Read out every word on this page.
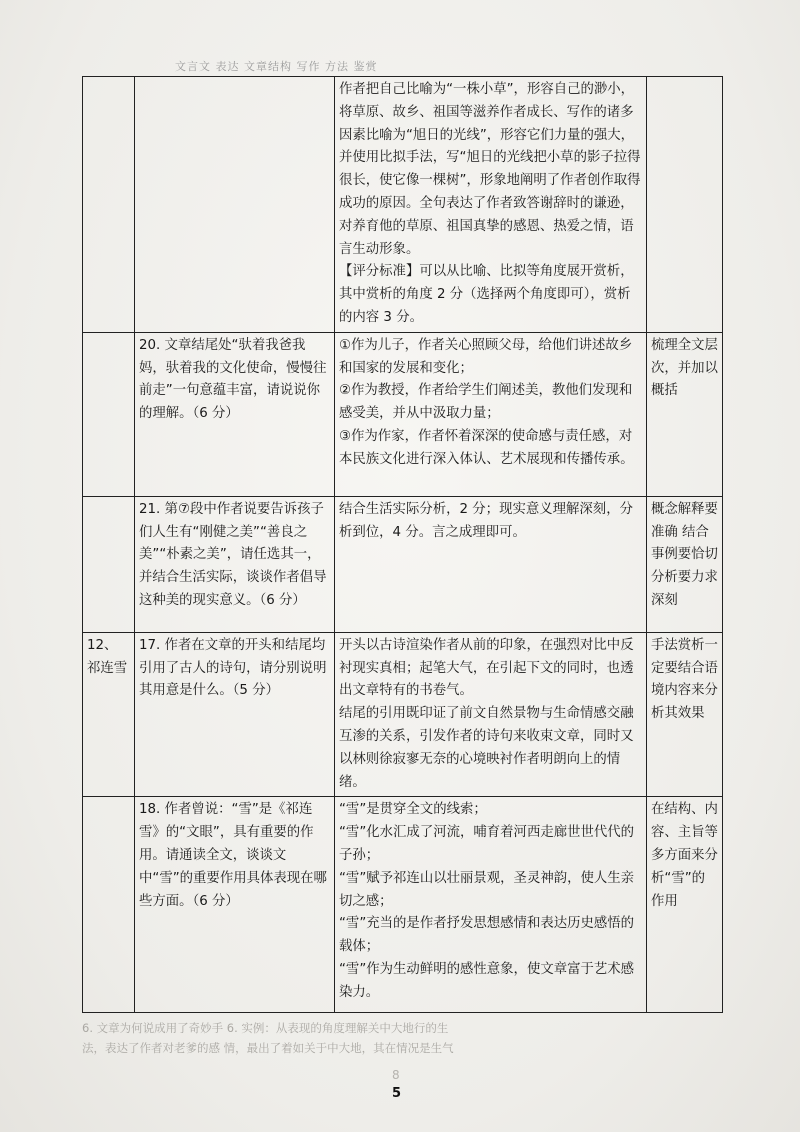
文言文 表达 文章结构 写作 方法 鉴赏

		作者把自己比喻为“一株小草”，形容自己的渺小，将草原、故乡、祖国等滋养作者成长、写作的诸多因素比喻为“旭日的光线”，形容它们力量的强大，并使用比拟手法，写“旭日的光线把小草的影子拉得很长，使它像一棵树”，形象地阐明了作者创作取得成功的原因。全句表达了作者致答谢辞时的谦逊，对养育他的草原、祖国真挚的感恩、热爱之情，语言生动形象。

【评分标准】可以从比喻、比拟等角度展开赏析，其中赏析的角度 2 分（选择两个角度即可），赏析的内容 3 分。	

	20. 文章结尾处“驮着我爸我妈，驮着我的文化使命，慢慢往前走”一句意蕴丰富，请说说你的理解。（6 分）	①作为儿子，作者关心照顾父母，给他们讲述故乡和国家的发展和变化；

②作为教授，作者给学生们阐述美，教他们发现和感受美，并从中汲取力量；

③作为作家，作者怀着深深的使命感与责任感，对本民族文化进行深入体认、艺术展现和传播传承。	梳理全文层次，并加以概括
	21. 第⑦段中作者说要告诉孩子们人生有“刚健之美”“善良之美”“朴素之美”，请任选其一，并结合生活实际，谈谈作者倡导这种美的现实意义。（6 分）	结合生活实际分析，2 分；现实意义理解深刻，分析到位，4 分。言之成理即可。	概念解释要准确 结合事例要恰切 分析要力求深刻
12、祁连雪	17. 作者在文章的开头和结尾均引用了古人的诗句，请分别说明其用意是什么。（5 分）	开头以古诗渲染作者从前的印象，在强烈对比中反衬现实真相；起笔大气，在引起下文的同时，也透出文章特有的书卷气。

结尾的引用既印证了前文自然景物与生命情感交融互渗的关系，引发作者的诗句来收束文章，同时又以林则徐寂寥无奈的心境映衬作者明朗向上的情绪。	手法赏析一定要结合语境内容来分析其效果
	18. 作者曾说：“雪”是《祁连雪》的“文眼”，具有重要的作用。请通读全文，谈谈文中“雪”的重要作用具体表现在哪些方面。（6 分）	“雪”是贯穿全文的线索；

“雪”化水汇成了河流，哺育着河西走廊世世代代的子孙；

“雪”赋予祁连山以壮丽景观，圣灵神韵，使人生亲切之感；

“雪”充当的是作者抒发思想感情和表达历史感悟的载体；

“雪”作为生动鲜明的感性意象，使文章富于艺术感染力。	在结构、内容、主旨等多方面来分析“雪”的作用
6. 文章为何说成用了奇妙手 6. 实例：从表现的角度理解关中大地行的生
法，表达了作者对老爹的感 情，最出了着如关于中大地，其在情况是生气
8
5
